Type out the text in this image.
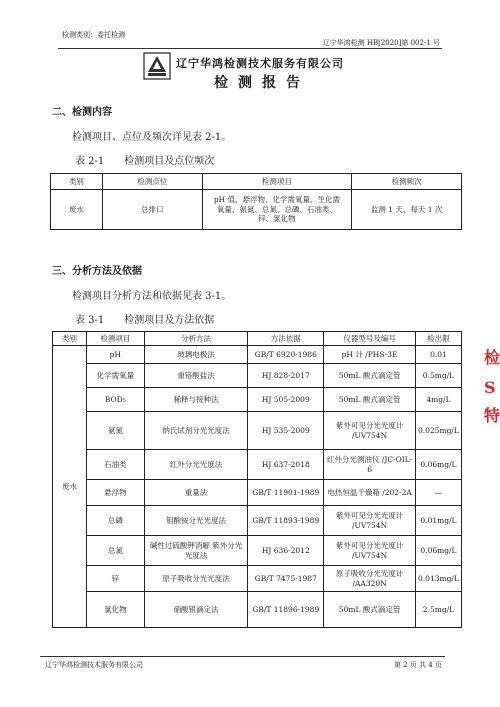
检测类别：委托检测
辽宁华鸿检测 HB[2020]第 002-1 号
辽宁华鸿检测技术服务有限公司
检测报告
二、检测内容
检测项目、点位及频次详见表 2-1。
表 2-1　　检测项目及点位频次
类别	检测点位	检测项目	检测频次
废水	总排口	pH 值、悬浮物、化学需氧量、生化需氧量、氨氮、总氮、总磷、石油类、锌、氯化物	监测 1 天，每天 1 次
三、分析方法及依据
检测项目分析方法和依据见表 3-1。
表 3-1　　检测项目及方法依据
类别	检测项目	分析方法	方法依据	仪器型号及编号	检出限
废水	pH	玻璃电极法	GB/T 6920-1986	pH 计 /PHS-3E	0.01
	化学需氧量	重铬酸盐法	HJ 828-2017	50mL 酸式滴定管	0.5mg/L
	BOD₅	稀释与接种法	HJ 505-2009	50mL 酸式滴定管	4mg/L
	氨氮	纳氏试剂分光光度法	HJ 535-2009	紫外可见分光光度计 /UV754N	0.025mg/L
	石油类	红外分光光度法	HJ 637-2018	红外分光测油仪 /JC-OIL-6	0.06mg/L
	悬浮物	重量法	GB/T 11901-1989	电热恒温干燥箱 /202-2A	—
	总磷	钼酸铵分光光度法	GB/T 11893-1989	紫外可见分光光度计 /UV754N	0.01mg/L
	总氮	碱性过硫酸钾消解 紫外分光光度法	HJ 636-2012	紫外可见分光光度计 /UV754N	0.06mg/L
	锌	原子吸收分光光度法	GB/T 7475-1987	原子吸收分光光度计 /AA320N	0.013mg/L
	氯化物	硝酸银滴定法	GB/T 11896-1989	50mL 酸式滴定管	2.5mg/L
检
S
特
辽宁华鸿检测技术服务有限公司	第 2 页 共 4 页
